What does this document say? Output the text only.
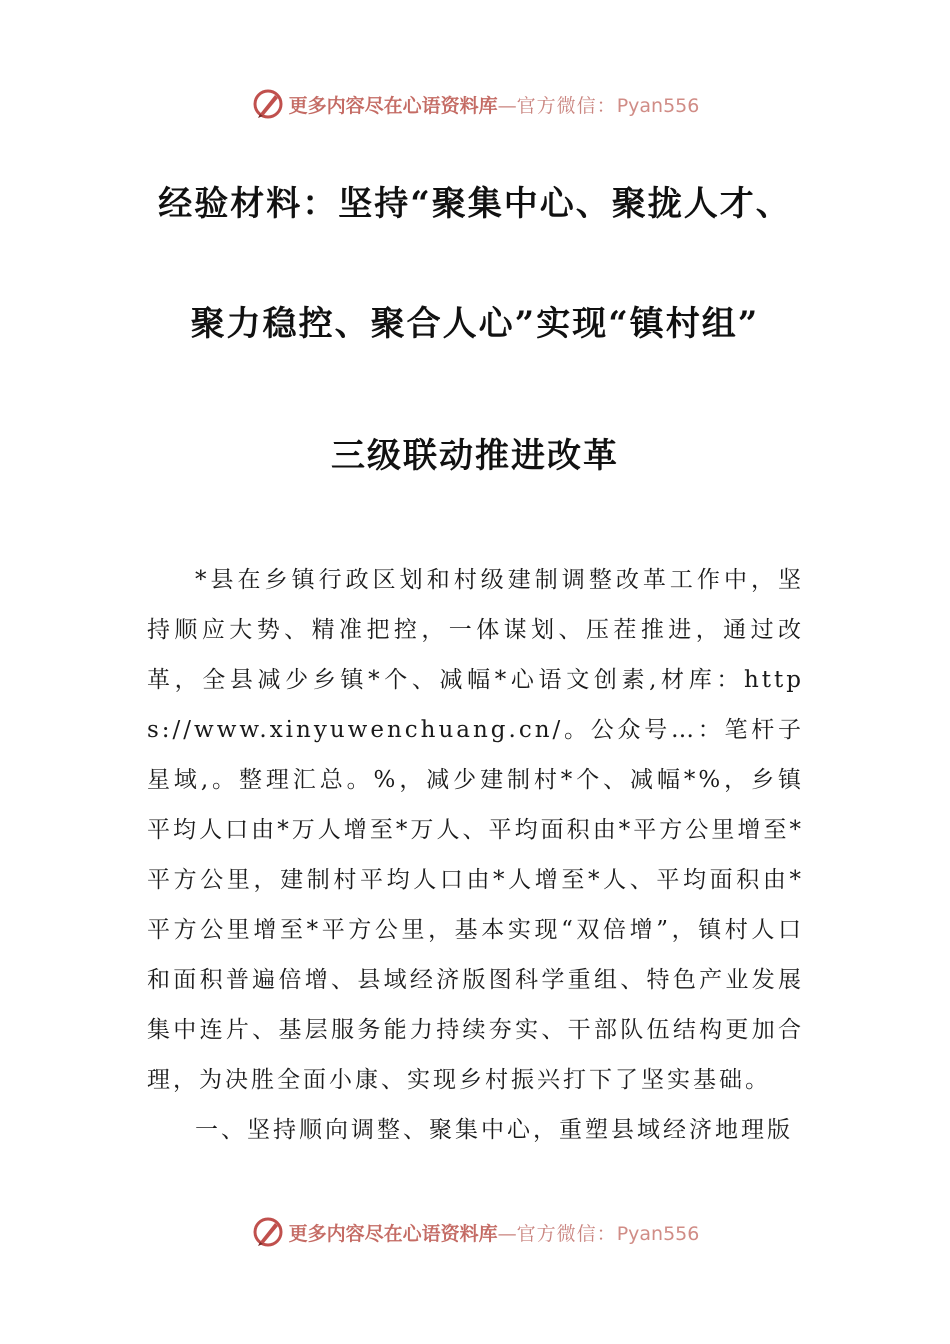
更多内容尽在心语资料库—官方微信：Pyan556
经验材料：坚持“聚集中心、聚拢人才、
聚力稳控、聚合人心”实现“镇村组”
三级联动推进改革

*县在乡镇行政区划和村级建制调整改革工作中，坚持顺应大势、精准把控，一体谋划、压茬推进，通过改革，全县减少乡镇*个、减幅*心语文创素,材库：https://www.xinyuwenchuang.cn/。公众号…：笔杆子星域,。整理汇总。%，减少建制村*个、减幅*%，乡镇平均人口由*万人增至*万人、平均面积由*平方公里增至*平方公里，建制村平均人口由*人增至*人、平均面积由*平方公里增至*平方公里，基本实现“双倍增”，镇村人口和面积普遍倍增、县域经济版图科学重组、特色产业发展集中连片、基层服务能力持续夯实、干部队伍结构更加合理，为决胜全面小康、实现乡村振兴打下了坚实基础。

一、坚持顺向调整、聚集中心，重塑县域经济地理版

更多内容尽在心语资料库—官方微信：Pyan556
